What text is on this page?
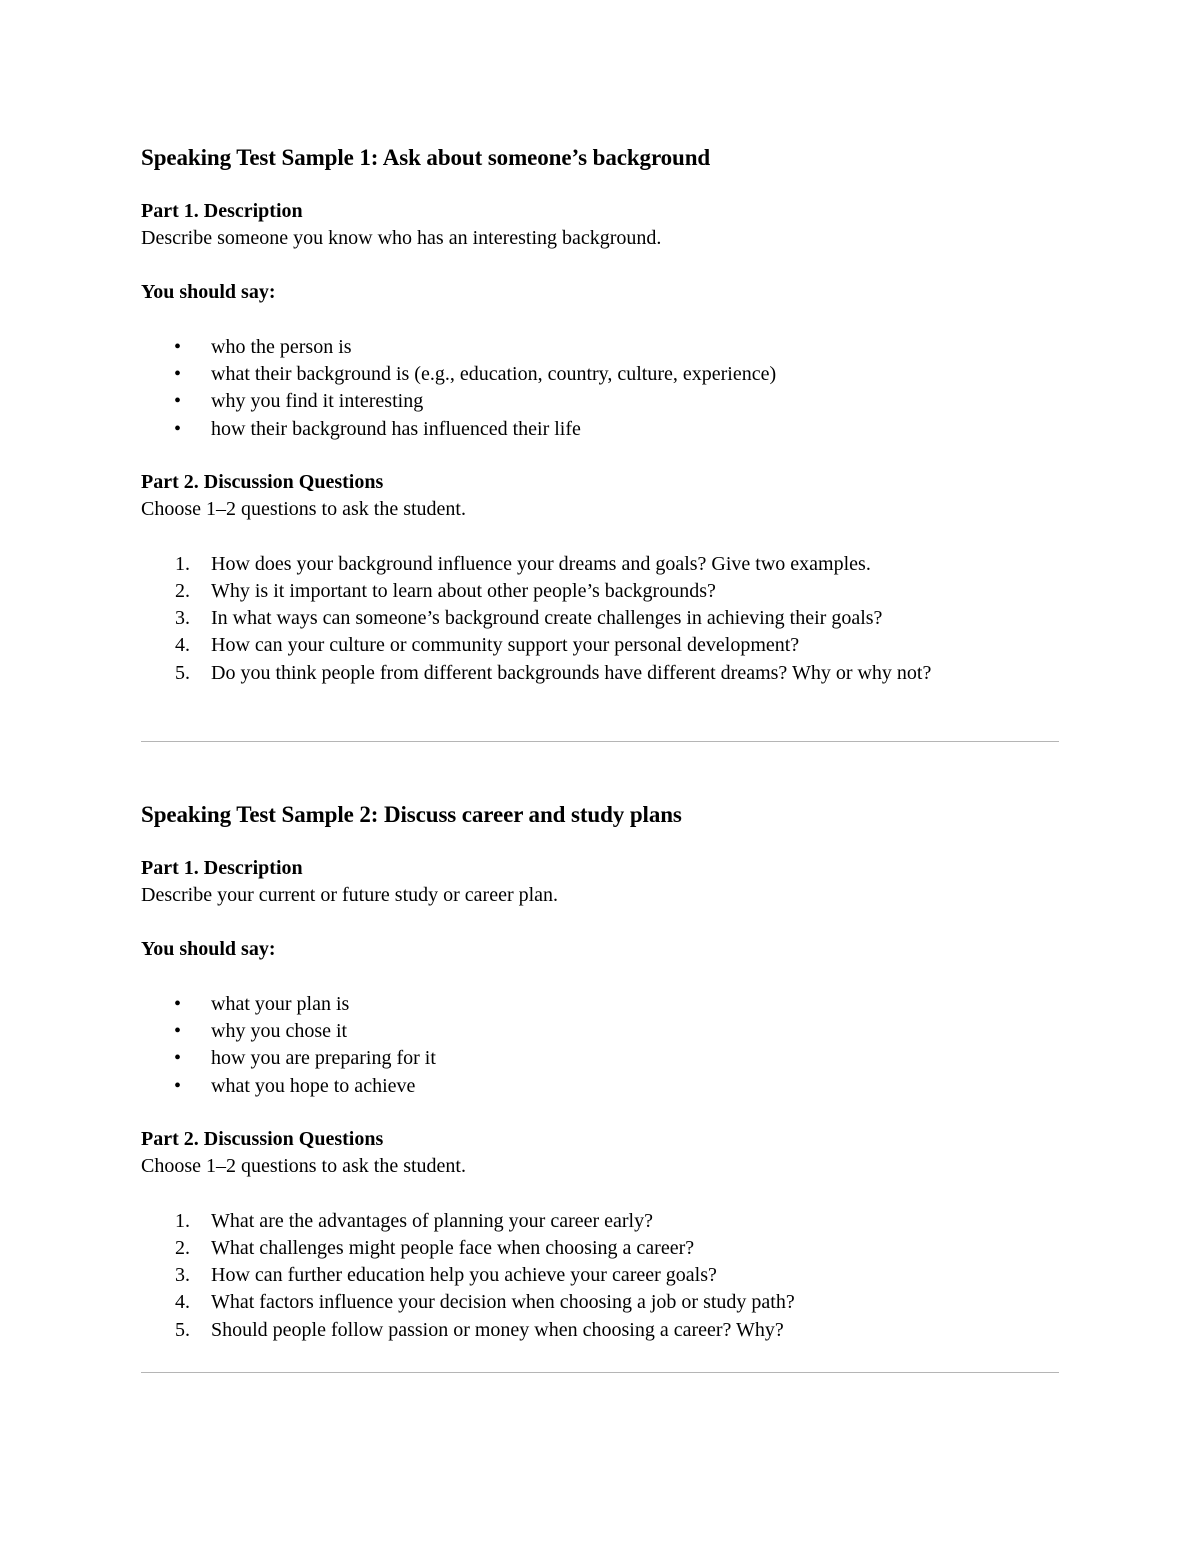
Speaking Test Sample 1: Ask about someone’s background

Part 1. Description

Describe someone you know who has an interesting background.

You should say:

• who the person is
• what their background is (e.g., education, country, culture, experience)
• why you find it interesting
• how their background has influenced their life

Part 2. Discussion Questions

Choose 1–2 questions to ask the student.

1. How does your background influence your dreams and goals? Give two examples.
2. Why is it important to learn about other people’s backgrounds?
3. In what ways can someone’s background create challenges in achieving their goals?
4. How can your culture or community support your personal development?
5. Do you think people from different backgrounds have different dreams? Why or why not?
Speaking Test Sample 2: Discuss career and study plans

Part 1. Description

Describe your current or future study or career plan.

You should say:

• what your plan is
• why you chose it
• how you are preparing for it
• what you hope to achieve

Part 2. Discussion Questions

Choose 1–2 questions to ask the student.

1. What are the advantages of planning your career early?
2. What challenges might people face when choosing a career?
3. How can further education help you achieve your career goals?
4. What factors influence your decision when choosing a job or study path?
5. Should people follow passion or money when choosing a career? Why?
